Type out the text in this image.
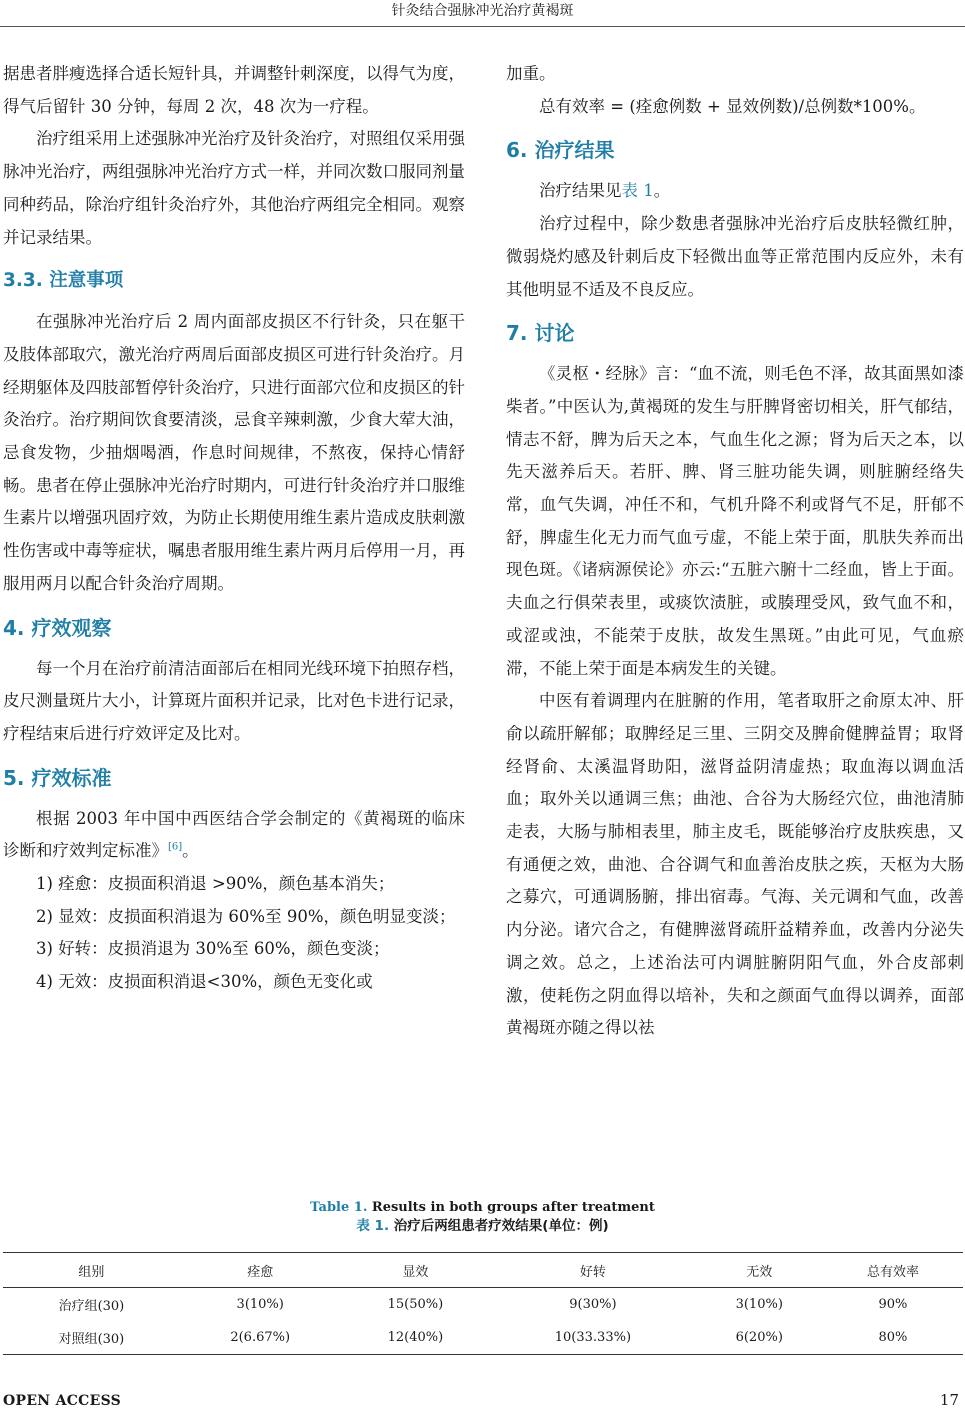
针灸结合强脉冲光治疗黄褐斑

据患者胖瘦选择合适长短针具，并调整针刺深度，以得气为度，得气后留针 30 分钟，每周 2 次，48 次为一疗程。

治疗组采用上述强脉冲光治疗及针灸治疗，对照组仅采用强脉冲光治疗，两组强脉冲光治疗方式一样，并同次数口服同剂量同种药品，除治疗组针灸治疗外，其他治疗两组完全相同。观察并记录结果。

3.3. 注意事项

在强脉冲光治疗后 2 周内面部皮损区不行针灸，只在躯干及肢体部取穴，激光治疗两周后面部皮损区可进行针灸治疗。月经期躯体及四肢部暂停针灸治疗，只进行面部穴位和皮损区的针灸治疗。治疗期间饮食要清淡，忌食辛辣刺激，少食大荤大油，忌食发物，少抽烟喝酒，作息时间规律，不熬夜，保持心情舒畅。患者在停止强脉冲光治疗时期内，可进行针灸治疗并口服维生素片以增强巩固疗效，为防止长期使用维生素片造成皮肤刺激性伤害或中毒等症状，嘱患者服用维生素片两月后停用一月，再服用两月以配合针灸治疗周期。

4. 疗效观察

每一个月在治疗前清洁面部后在相同光线环境下拍照存档，皮尺测量斑片大小，计算斑片面积并记录，比对色卡进行记录，疗程结束后进行疗效评定及比对。

5. 疗效标准

根据 2003 年中国中西医结合学会制定的《黄褐斑的临床诊断和疗效判定标准》[6]。

1) 痊愈：皮损面积消退 >90%，颜色基本消失；

2) 显效：皮损面积消退为 60%至 90%，颜色明显变淡；

3) 好转：皮损消退为 30%至 60%，颜色变淡；

4) 无效：皮损面积消退<30%，颜色无变化或

加重。

总有效率 = (痊愈例数 + 显效例数)/总例数*100%。

6. 治疗结果

治疗结果见表 1。

治疗过程中，除少数患者强脉冲光治疗后皮肤轻微红肿，微弱烧灼感及针刺后皮下轻微出血等正常范围内反应外，未有其他明显不适及不良反应。

7. 讨论

《灵枢・经脉》言：“血不流，则毛色不泽，故其面黑如漆柴者。”中医认为,黄褐斑的发生与肝脾肾密切相关，肝气郁结，情志不舒，脾为后天之本，气血生化之源；肾为后天之本，以先天滋养后天。若肝、脾、肾三脏功能失调，则脏腑经络失常，血气失调，冲任不和，气机升降不利或肾气不足，肝郁不舒，脾虚生化无力而气血亏虚，不能上荣于面，肌肤失养而出现色斑。《诸病源侯论》亦云:“五脏六腑十二经血，皆上于面。夫血之行俱荣表里，或痰饮渍脏，或腠理受风，致气血不和，或涩或浊，不能荣于皮肤，故发生黑斑。”由此可见，气血瘀滞，不能上荣于面是本病发生的关键。

中医有着调理内在脏腑的作用，笔者取肝之俞原太冲、肝俞以疏肝解郁；取脾经足三里、三阴交及脾俞健脾益胃；取肾经肾俞、太溪温肾助阳，滋肾益阴清虚热；取血海以调血活血；取外关以通调三焦；曲池、合谷为大肠经穴位，曲池清肺走表，大肠与肺相表里，肺主皮毛，既能够治疗皮肤疾患，又有通便之效，曲池、合谷调气和血善治皮肤之疾，天枢为大肠之募穴，可通调肠腑，排出宿毒。气海、关元调和气血，改善内分泌。诸穴合之，有健脾滋肾疏肝益精养血，改善内分泌失调之效。总之，上述治法可内调脏腑阴阳气血，外合皮部刺激，使耗伤之阴血得以培补，失和之颜面气血得以调养，面部黄褐斑亦随之得以祛

Table 1. Results in both groups after treatment
表 1. 治疗后两组患者疗效结果(单位：例)
组别	痊愈	显效	好转	无效	总有效率
治疗组(30)	3(10%)	15(50%)	9(30%)	3(10%)	90%
对照组(30)	2(6.67%)	12(40%)	10(33.33%)	6(20%)	80%
OPEN ACCESS	17
